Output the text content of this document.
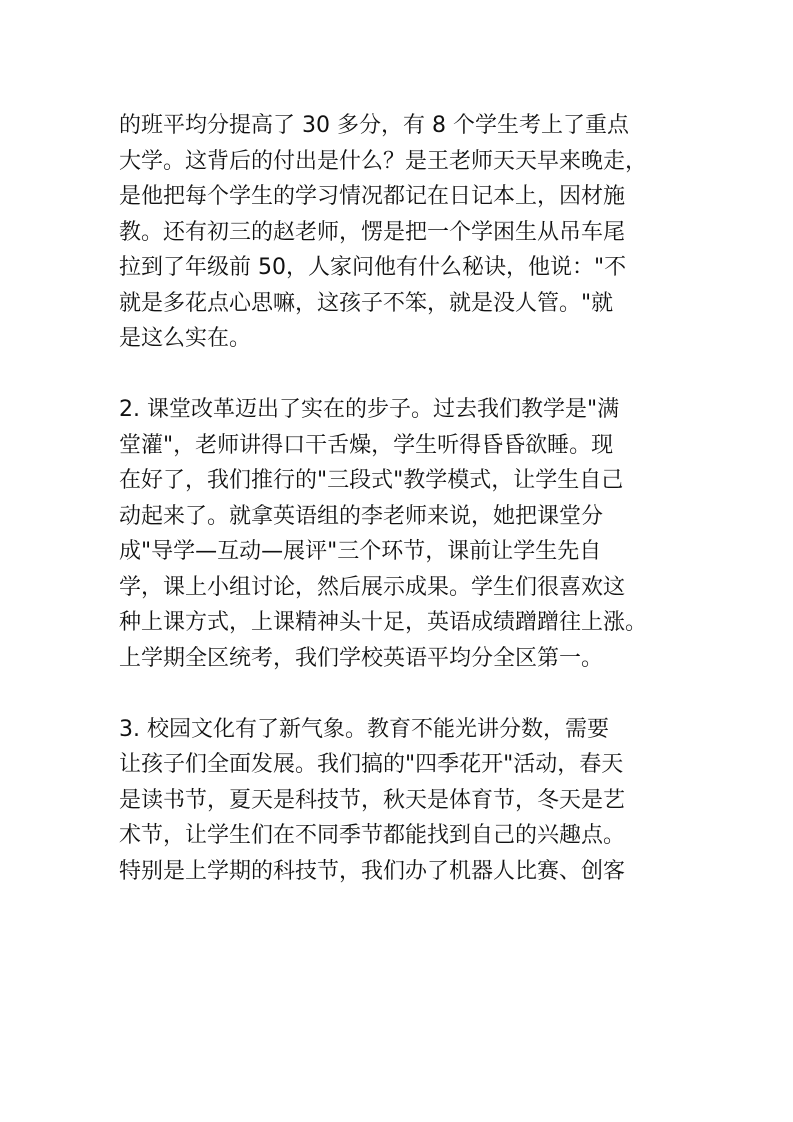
的班平均分提高了 30 多分，有 8 个学生考上了重点
大学。这背后的付出是什么？是王老师天天早来晚走，
是他把每个学生的学习情况都记在日记本上，因材施
教。还有初三的赵老师，愣是把一个学困生从吊车尾
拉到了年级前 50，人家问他有什么秘诀，他说："不
就是多花点心思嘛，这孩子不笨，就是没人管。"就
是这么实在。
2. 课堂改革迈出了实在的步子。过去我们教学是"满
堂灌"，老师讲得口干舌燥，学生听得昏昏欲睡。现
在好了，我们推行的"三段式"教学模式，让学生自己
动起来了。就拿英语组的李老师来说，她把课堂分
成"导学—互动—展评"三个环节，课前让学生先自
学，课上小组讨论，然后展示成果。学生们很喜欢这
种上课方式，上课精神头十足，英语成绩蹭蹭往上涨。
上学期全区统考，我们学校英语平均分全区第一。
3. 校园文化有了新气象。教育不能光讲分数，需要
让孩子们全面发展。我们搞的"四季花开"活动，春天
是读书节，夏天是科技节，秋天是体育节，冬天是艺
术节，让学生们在不同季节都能找到自己的兴趣点。
特别是上学期的科技节，我们办了机器人比赛、创客
